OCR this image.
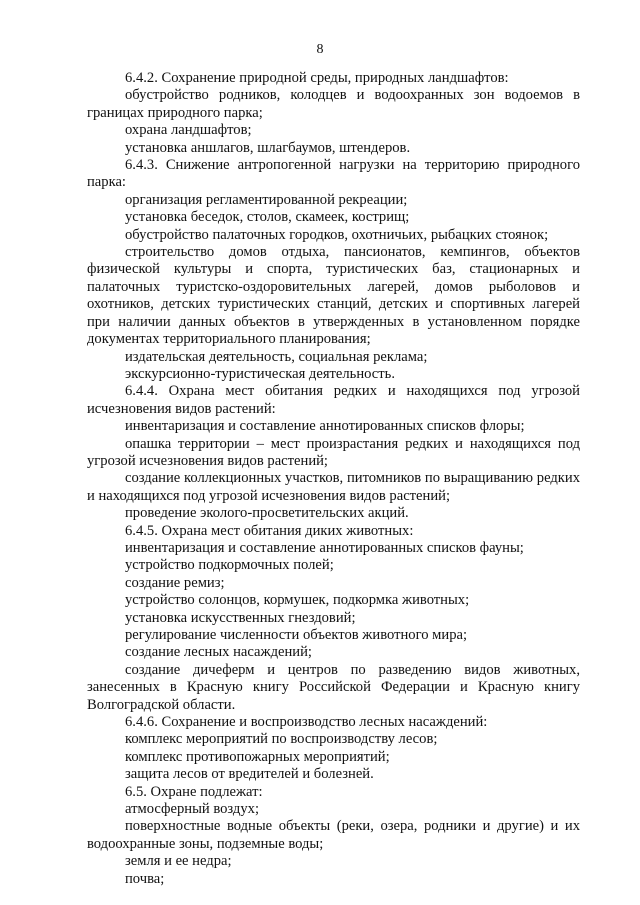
8

6.4.2. Сохранение природной среды, природных ландшафтов:

обустройство родников, колодцев и водоохранных зон водоемов в границах природного парка;

охрана ландшафтов;

установка аншлагов, шлагбаумов, штендеров.

6.4.3. Снижение антропогенной нагрузки на территорию природного парка:

организация регламентированной рекреации;

установка беседок, столов, скамеек, кострищ;

обустройство палаточных городков, охотничьих, рыбацких стоянок;

строительство домов отдыха, пансионатов, кемпингов, объектов физической культуры и спорта, туристических баз, стационарных и палаточных туристско-оздоровительных лагерей, домов рыболовов и охотников, детских туристических станций, детских и спортивных лагерей при наличии данных объектов в утвержденных в установленном порядке документах территориального планирования;

издательская деятельность, социальная реклама;

экскурсионно-туристическая деятельность.

6.4.4. Охрана мест обитания редких и находящихся под угрозой исчезновения видов растений:

инвентаризация и составление аннотированных списков флоры;

опашка территории – мест произрастания редких и находящихся под угрозой исчезновения видов растений;

создание коллекционных участков, питомников по выращиванию редких и находящихся под угрозой исчезновения видов растений;

проведение эколого-просветительских акций.

6.4.5. Охрана мест обитания диких животных:

инвентаризация и составление аннотированных списков фауны;

устройство подкормочных полей;

создание ремиз;

устройство солонцов, кормушек, подкормка животных;

установка искусственных гнездовий;

регулирование численности объектов животного мира;

создание лесных насаждений;

создание дичеферм и центров по разведению видов животных, занесенных в Красную книгу Российской Федерации и Красную книгу Волгоградской области.

6.4.6. Сохранение и воспроизводство лесных насаждений:

комплекс мероприятий по воспроизводству лесов;

комплекс противопожарных мероприятий;

защита лесов от вредителей и болезней.

6.5. Охране подлежат:

атмосферный воздух;

поверхностные водные объекты (реки, озера, родники и другие) и их водоохранные зоны, подземные воды;

земля и ее недра;

почва;
